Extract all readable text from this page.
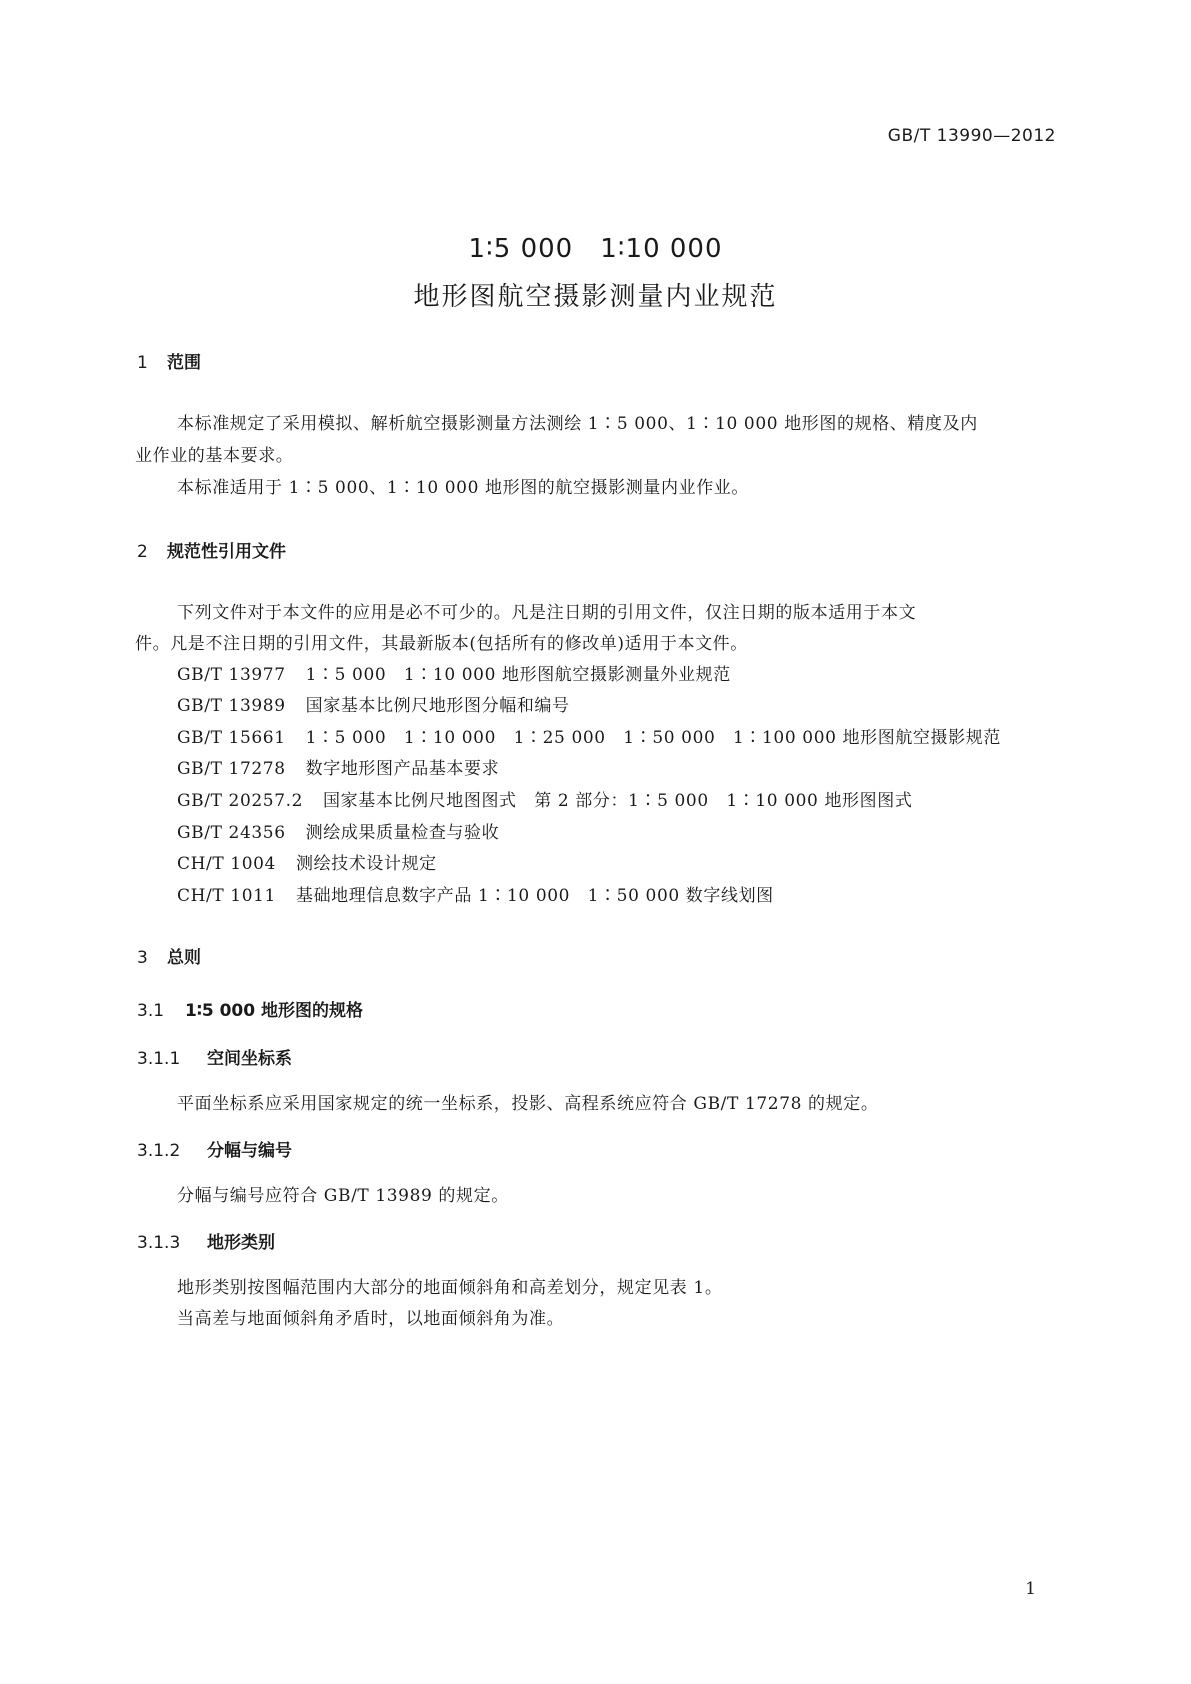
GB/T 13990—2012
1∶5 000　1∶10 000
地形图航空摄影测量内业规范
1 范围
本标准规定了采用模拟、解析航空摄影测量方法测绘 1∶5 000、1∶10 000 地形图的规格、精度及内
业作业的基本要求。
本标准适用于 1∶5 000、1∶10 000 地形图的航空摄影测量内业作业。
2 规范性引用文件
下列文件对于本文件的应用是必不可少的。凡是注日期的引用文件，仅注日期的版本适用于本文
件。凡是不注日期的引用文件，其最新版本(包括所有的修改单)适用于本文件。
GB/T 13977 1∶5 000　1∶10 000 地形图航空摄影测量外业规范
GB/T 13989 国家基本比例尺地形图分幅和编号
GB/T 15661 1∶5 000　1∶10 000　1∶25 000　1∶50 000　1∶100 000 地形图航空摄影规范
GB/T 17278 数字地形图产品基本要求
GB/T 20257.2 国家基本比例尺地图图式　第 2 部分：1∶5 000　1∶10 000 地形图图式
GB/T 24356 测绘成果质量检查与验收
CH/T 1004 测绘技术设计规定
CH/T 1011 基础地理信息数字产品 1∶10 000　1∶50 000 数字线划图
3 总则
3.1 1∶5 000 地形图的规格
3.1.1 空间坐标系
平面坐标系应采用国家规定的统一坐标系，投影、高程系统应符合 GB/T 17278 的规定。
3.1.2 分幅与编号
分幅与编号应符合 GB/T 13989 的规定。
3.1.3 地形类别
地形类别按图幅范围内大部分的地面倾斜角和高差划分，规定见表 1。
当高差与地面倾斜角矛盾时，以地面倾斜角为准。
1
